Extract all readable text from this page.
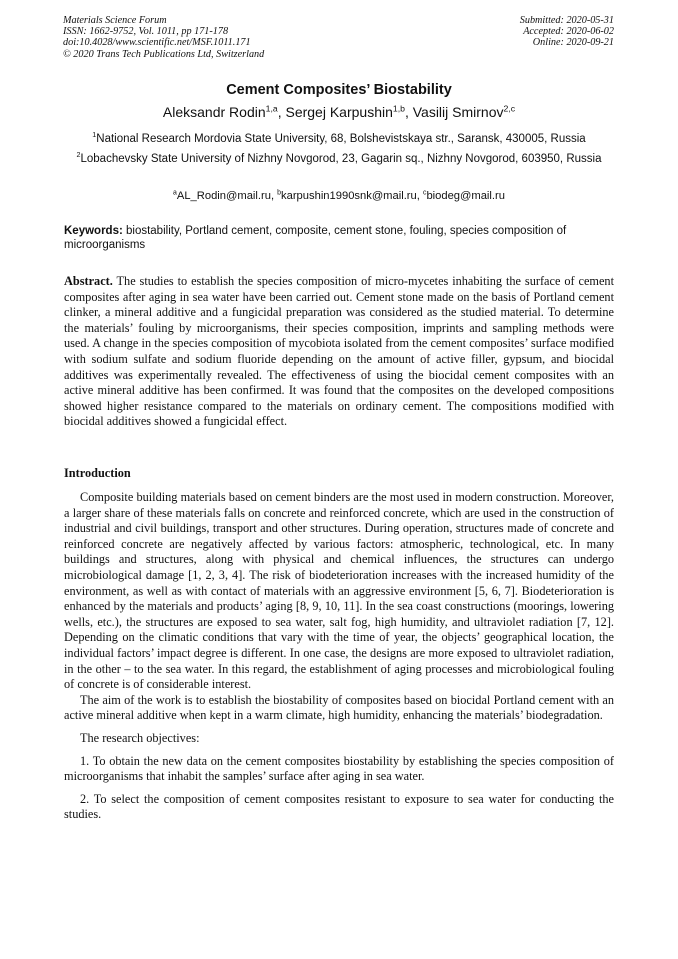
Materials Science Forum
ISSN: 1662-9752, Vol. 1011, pp 171-178
doi:10.4028/www.scientific.net/MSF.1011.171
© 2020 Trans Tech Publications Ltd, Switzerland
Submitted: 2020-05-31
Accepted: 2020-06-02
Online: 2020-09-21
Cement Composites’ Biostability
Aleksandr Rodin$^{1,a}$, Sergej Karpushin$^{1,b}$, Vasilij Smirnov$^{2,c}$
$^1$National Research Mordovia State University, 68, Bolshevistskaya str., Saransk, 430005, Russia
$^2$Lobachevsky State University of Nizhny Novgorod, 23, Gagarin sq., Nizhny Novgorod, 603950, Russia
$^a$AL_Rodin@mail.ru, $^b$karpushin1990snk@mail.ru, $^c$biodeg@mail.ru
Keywords: biostability, Portland cement, composite, cement stone, fouling, species composition of microorganisms
Abstract. The studies to establish the species composition of micro-mycetes inhabiting the surface of cement composites after aging in sea water have been carried out. Cement stone made on the basis of Portland cement clinker, a mineral additive and a fungicidal preparation was considered as the studied material. To determine the materials’ fouling by microorganisms, their species composition, imprints and sampling methods were used. A change in the species composition of mycobiota isolated from the cement composites’ surface modified with sodium sulfate and sodium fluoride depending on the amount of active filler, gypsum, and biocidal additives was experimentally revealed. The effectiveness of using the biocidal cement composites with an active mineral additive has been confirmed. It was found that the composites on the developed compositions showed higher resistance compared to the materials on ordinary cement. The compositions modified with biocidal additives showed a fungicidal effect.
Introduction

Composite building materials based on cement binders are the most used in modern construction. Moreover, a larger share of these materials falls on concrete and reinforced concrete, which are used in the construction of industrial and civil buildings, transport and other structures. During operation, structures made of concrete and reinforced concrete are negatively affected by various factors: atmospheric, technological, etc. In many buildings and structures, along with physical and chemical influences, the structures can undergo microbiological damage [1, 2, 3, 4]. The risk of biodeterioration increases with the increased humidity of the environment, as well as with contact of materials with an aggressive environment [5, 6, 7]. Biodeterioration is enhanced by the materials and products’ aging [8, 9, 10, 11]. In the sea coast constructions (moorings, lowering wells, etc.), the structures are exposed to sea water, salt fog, high humidity, and ultraviolet radiation [7, 12]. Depending on the climatic conditions that vary with the time of year, the objects’ geographical location, the individual factors’ impact degree is different. In one case, the designs are more exposed to ultraviolet radiation, in the other – to the sea water. In this regard, the establishment of aging processes and microbiological fouling of concrete is of considerable interest.

The aim of the work is to establish the biostability of composites based on biocidal Portland cement with an active mineral additive when kept in a warm climate, high humidity, enhancing the materials’ biodegradation.

The research objectives:

1. To obtain the new data on the cement composites biostability by establishing the species composition of microorganisms that inhabit the samples’ surface after aging in sea water.

2. To select the composition of cement composites resistant to exposure to sea water for conducting the studies.
